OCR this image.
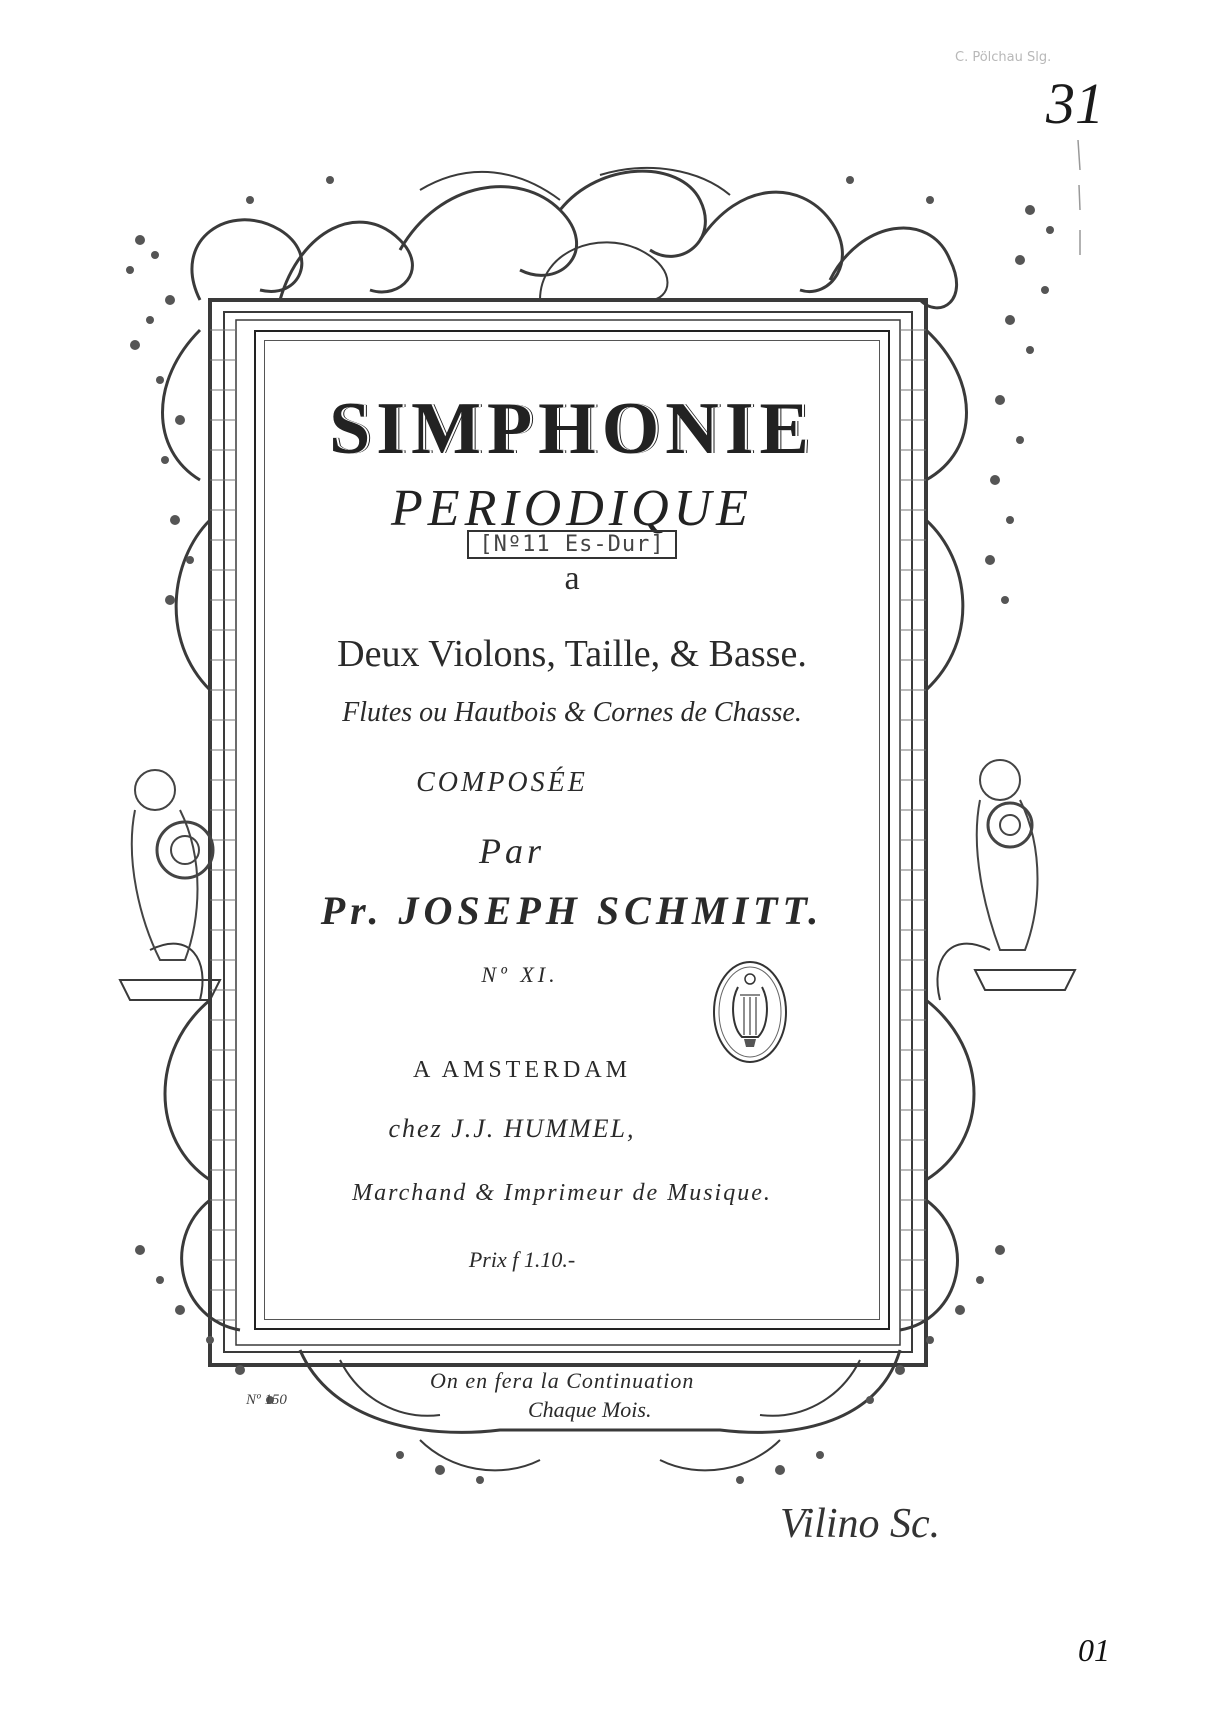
C. Pölchau Slg.
31
SIMPHONIE
PERIODIQUE
[Nº11 Es-Dur]
a
Deux Violons, Taille, & Basse.
Flutes ou Hautbois & Cornes de Chasse.
COMPOSÉE
Par
Pr. JOSEPH SCHMITT.
Nº XI.
A AMSTERDAM
chez J.J. HUMMEL,
Marchand & Imprimeur de Musique.
Prix f 1.10.-
On en fera la Continuation
Chaque Mois.
Nº 150
Vilino Sc.
01
